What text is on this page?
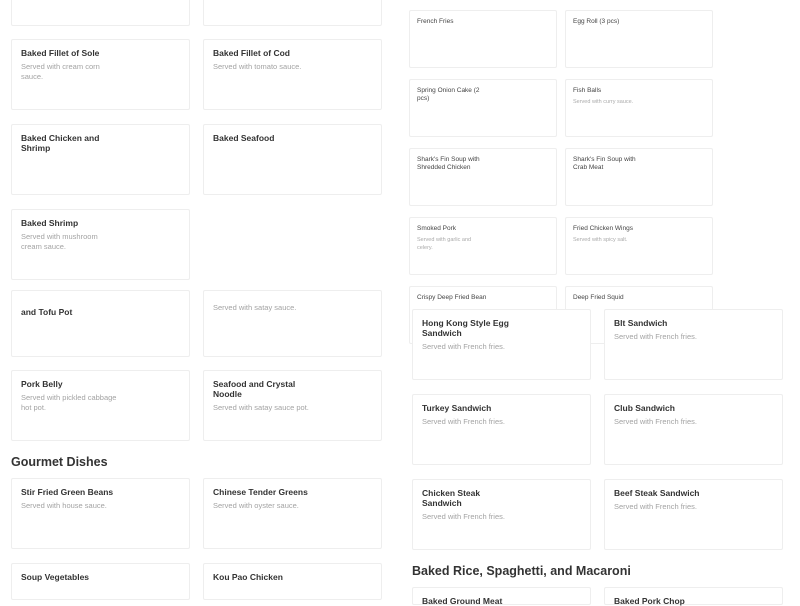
Baked Fillet of Sole
Served with cream corn sauce.
Baked Fillet of Cod
Served with tomato sauce.
Baked Chicken and Shrimp
Baked Seafood
Baked Shrimp
Served with mushroom cream sauce.
French Fries	Egg Roll (3 pcs)
Spring Onion Cake (2 pcs)
Fish Balls
Served with curry sauce.
Shark's Fin Soup with Shredded Chicken
Shark's Fin Soup with Crab Meat
Smoked Pork
Served with garlic and celery.
Fried Chicken Wings
Served with spicy salt.
Crispy Deep Fried Bean	Deep Fried Squid
and Tofu Pot	Served with satay sauce.
Pork Belly
Served with pickled cabbage hot pot.
Seafood and Crystal Noodle
Served with satay sauce pot.
Gourmet Dishes
Stir Fried Green Beans
Served with house sauce.
Chinese Tender Greens
Served with oyster sauce.
Soup Vegetables	Kou Pao Chicken
Hong Kong Style Egg Sandwich
Served with French fries.
Blt Sandwich
Served with French fries.
Turkey Sandwich
Served with French fries.
Club Sandwich
Served with French fries.
Chicken Steak Sandwich
Served with French fries.
Beef Steak Sandwich
Served with French fries.
Baked Rice, Spaghetti, and Macaroni
Baked Ground Meat	Baked Pork Chop
